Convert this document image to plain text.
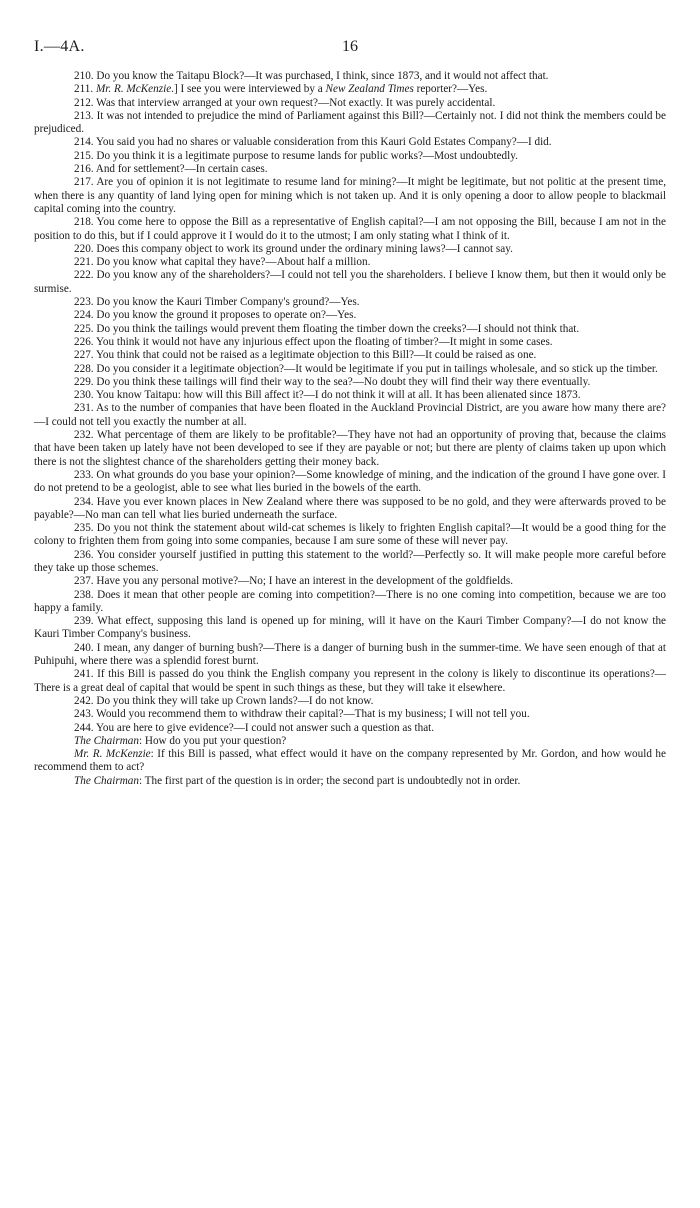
I.—4A.	16

210. Do you know the Taitapu Block?—It was purchased, I think, since 1873, and it would not affect that.

211. Mr. R. McKenzie.] I see you were interviewed by a New Zealand Times reporter?—Yes.

212. Was that interview arranged at your own request?—Not exactly. It was purely accidental.

213. It was not intended to prejudice the mind of Parliament against this Bill?—Certainly not. I did not think the members could be prejudiced.

214. You said you had no shares or valuable consideration from this Kauri Gold Estates Company?—I did.

215. Do you think it is a legitimate purpose to resume lands for public works?—Most undoubtedly.

216. And for settlement?—In certain cases.

217. Are you of opinion it is not legitimate to resume land for mining?—It might be legitimate, but not politic at the present time, when there is any quantity of land lying open for mining which is not taken up. And it is only opening a door to allow people to blackmail capital coming into the country.

218. You come here to oppose the Bill as a representative of English capital?—I am not opposing the Bill, because I am not in the position to do this, but if I could approve it I would do it to the utmost; I am only stating what I think of it.

220. Does this company object to work its ground under the ordinary mining laws?—I cannot say.

221. Do you know what capital they have?—About half a million.

222. Do you know any of the shareholders?—I could not tell you the shareholders. I believe I know them, but then it would only be surmise.

223. Do you know the Kauri Timber Company's ground?—Yes.

224. Do you know the ground it proposes to operate on?—Yes.

225. Do you think the tailings would prevent them floating the timber down the creeks?—I should not think that.

226. You think it would not have any injurious effect upon the floating of timber?—It might in some cases.

227. You think that could not be raised as a legitimate objection to this Bill?—It could be raised as one.

228. Do you consider it a legitimate objection?—It would be legitimate if you put in tailings wholesale, and so stick up the timber.

229. Do you think these tailings will find their way to the sea?—No doubt they will find their way there eventually.

230. You know Taitapu: how will this Bill affect it?—I do not think it will at all. It has been alienated since 1873.

231. As to the number of companies that have been floated in the Auckland Provincial District, are you aware how many there are?—I could not tell you exactly the number at all.

232. What percentage of them are likely to be profitable?—They have not had an opportunity of proving that, because the claims that have been taken up lately have not been developed to see if they are payable or not; but there are plenty of claims taken up upon which there is not the slightest chance of the shareholders getting their money back.

233. On what grounds do you base your opinion?—Some knowledge of mining, and the indication of the ground I have gone over. I do not pretend to be a geologist, able to see what lies buried in the bowels of the earth.

234. Have you ever known places in New Zealand where there was supposed to be no gold, and they were afterwards proved to be payable?—No man can tell what lies buried underneath the surface.

235. Do you not think the statement about wild-cat schemes is likely to frighten English capital?—It would be a good thing for the colony to frighten them from going into some companies, because I am sure some of these will never pay.

236. You consider yourself justified in putting this statement to the world?—Perfectly so. It will make people more careful before they take up those schemes.

237. Have you any personal motive?—No; I have an interest in the development of the goldfields.

238. Does it mean that other people are coming into competition?—There is no one coming into competition, because we are too happy a family.

239. What effect, supposing this land is opened up for mining, will it have on the Kauri Timber Company?—I do not know the Kauri Timber Company's business.

240. I mean, any danger of burning bush?—There is a danger of burning bush in the summer-time. We have seen enough of that at Puhipuhi, where there was a splendid forest burnt.

241. If this Bill is passed do you think the English company you represent in the colony is likely to discontinue its operations?—There is a great deal of capital that would be spent in such things as these, but they will take it elsewhere.

242. Do you think they will take up Crown lands?—I do not know.

243. Would you recommend them to withdraw their capital?—That is my business; I will not tell you.

244. You are here to give evidence?—I could not answer such a question as that.

The Chairman: How do you put your question?

Mr. R. McKenzie: If this Bill is passed, what effect would it have on the company represented by Mr. Gordon, and how would he recommend them to act?

The Chairman: The first part of the question is in order; the second part is undoubtedly not in order.
